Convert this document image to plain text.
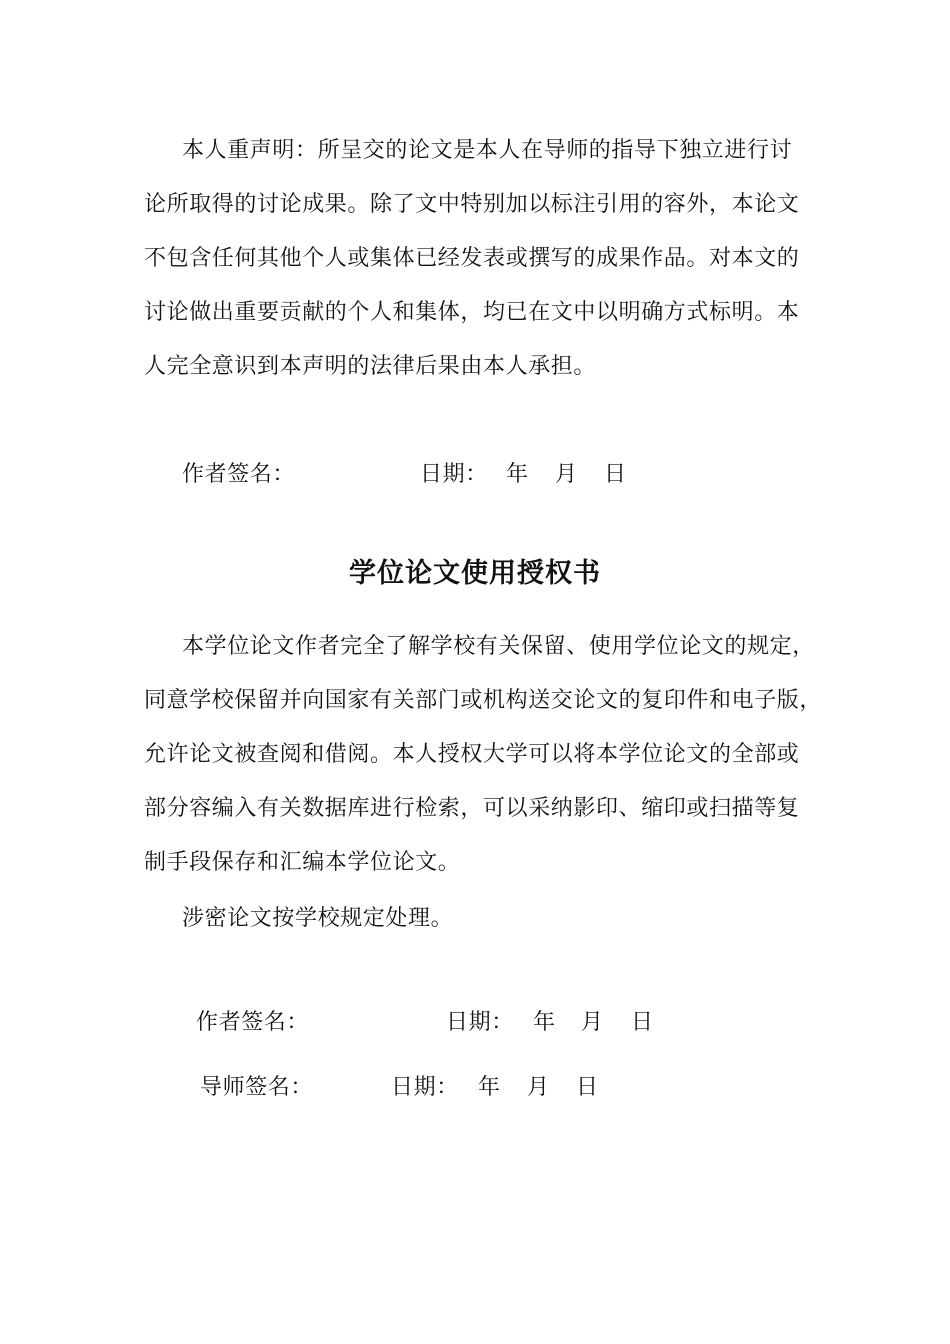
本人重声明：所呈交的论文是本人在导师的指导下独立进行讨
论所取得的讨论成果。除了文中特别加以标注引用的容外，本论文
不包含任何其他个人或集体已经发表或撰写的成果作品。对本文的
讨论做出重要贡献的个人和集体，均已在文中以明确方式标明。本
人完全意识到本声明的法律后果由本人承担。

作者签名：	日期： 年 月 日
学位论文使用授权书

本学位论文作者完全了解学校有关保留、使用学位论文的规定，
同意学校保留并向国家有关部门或机构送交论文的复印件和电子版，
允许论文被查阅和借阅。本人授权大学可以将本学位论文的全部或
部分容编入有关数据库进行检索，可以采纳影印、缩印或扫描等复
制手段保存和汇编本学位论文。

涉密论文按学校规定处理。

作者签名：	日期： 年 月 日
导师签名：	日期： 年 月 日
